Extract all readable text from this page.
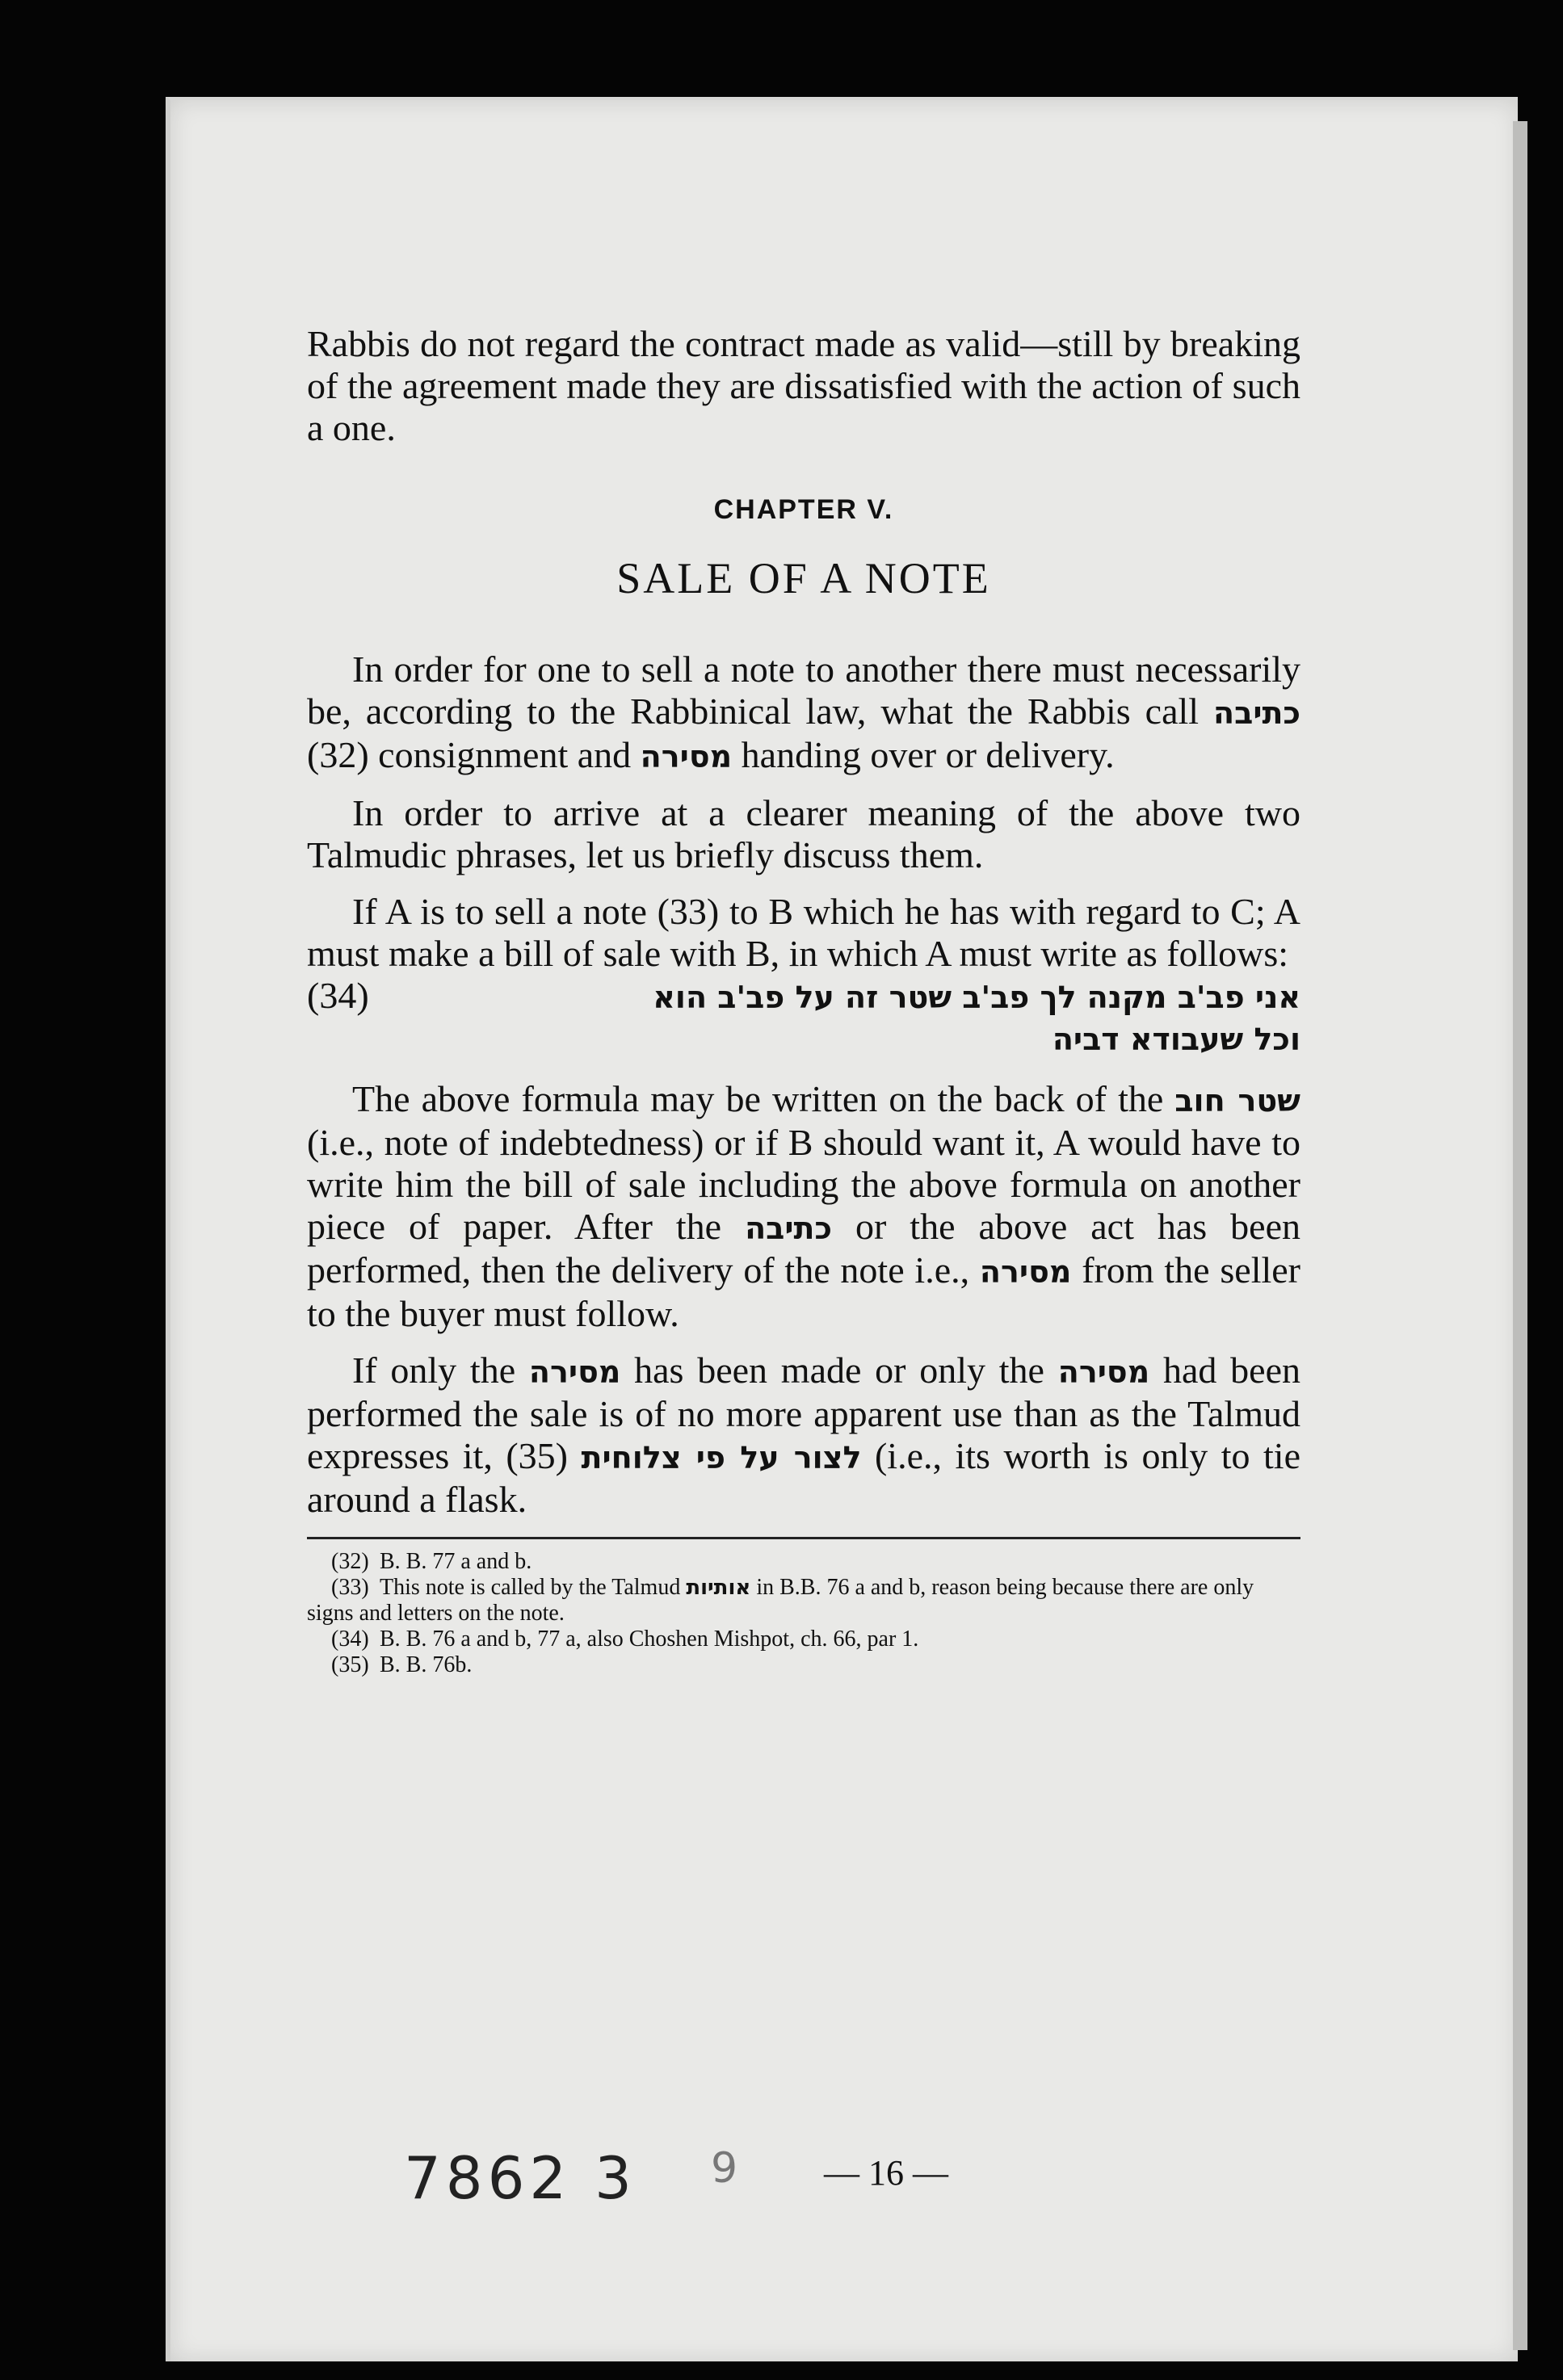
Rabbis do not regard the contract made as valid—still by breaking of the agreement made they are dissatisfied with the action of such a one.

CHAPTER V.
SALE OF A NOTE

In order for one to sell a note to another there must necessarily be, according to the Rabbinical law, what the Rabbis call כתיבה (32) consignment and מסירה handing over or delivery.

In order to arrive at a clearer meaning of the above two Talmudic phrases, let us briefly discuss them.

If A is to sell a note (33) to B which he has with regard to C; A must make a bill of sale with B, in which A must write as follows:

(34)	אני פב'ב מקנה לך פב'ב שטר זה על פב'ב הוא
וכל שעבודא דביה

The above formula may be written on the back of the שטר חוב (i.e., note of indebtedness) or if B should want it, A would have to write him the bill of sale including the above formula on another piece of paper. After the כתיבה or the above act has been performed, then the delivery of the note i.e., מסירה from the seller to the buyer must follow.

If only the מסירה has been made or only the מסירה had been performed the sale is of no more apparent use than as the Talmud expresses it, (35) לצור על פי צלוחית (i.e., its worth is only to tie around a flask.

(32) B. B. 77 a and b.

(33) This note is called by the Talmud אותיות in B.B. 76 a and b, reason being because there are only signs and letters on the note.

(34) B. B. 76 a and b, 77 a, also Choshen Mishpot, ch. 66, par 1.

(35) B. B. 76b.

7862 3 9 — 16 —
